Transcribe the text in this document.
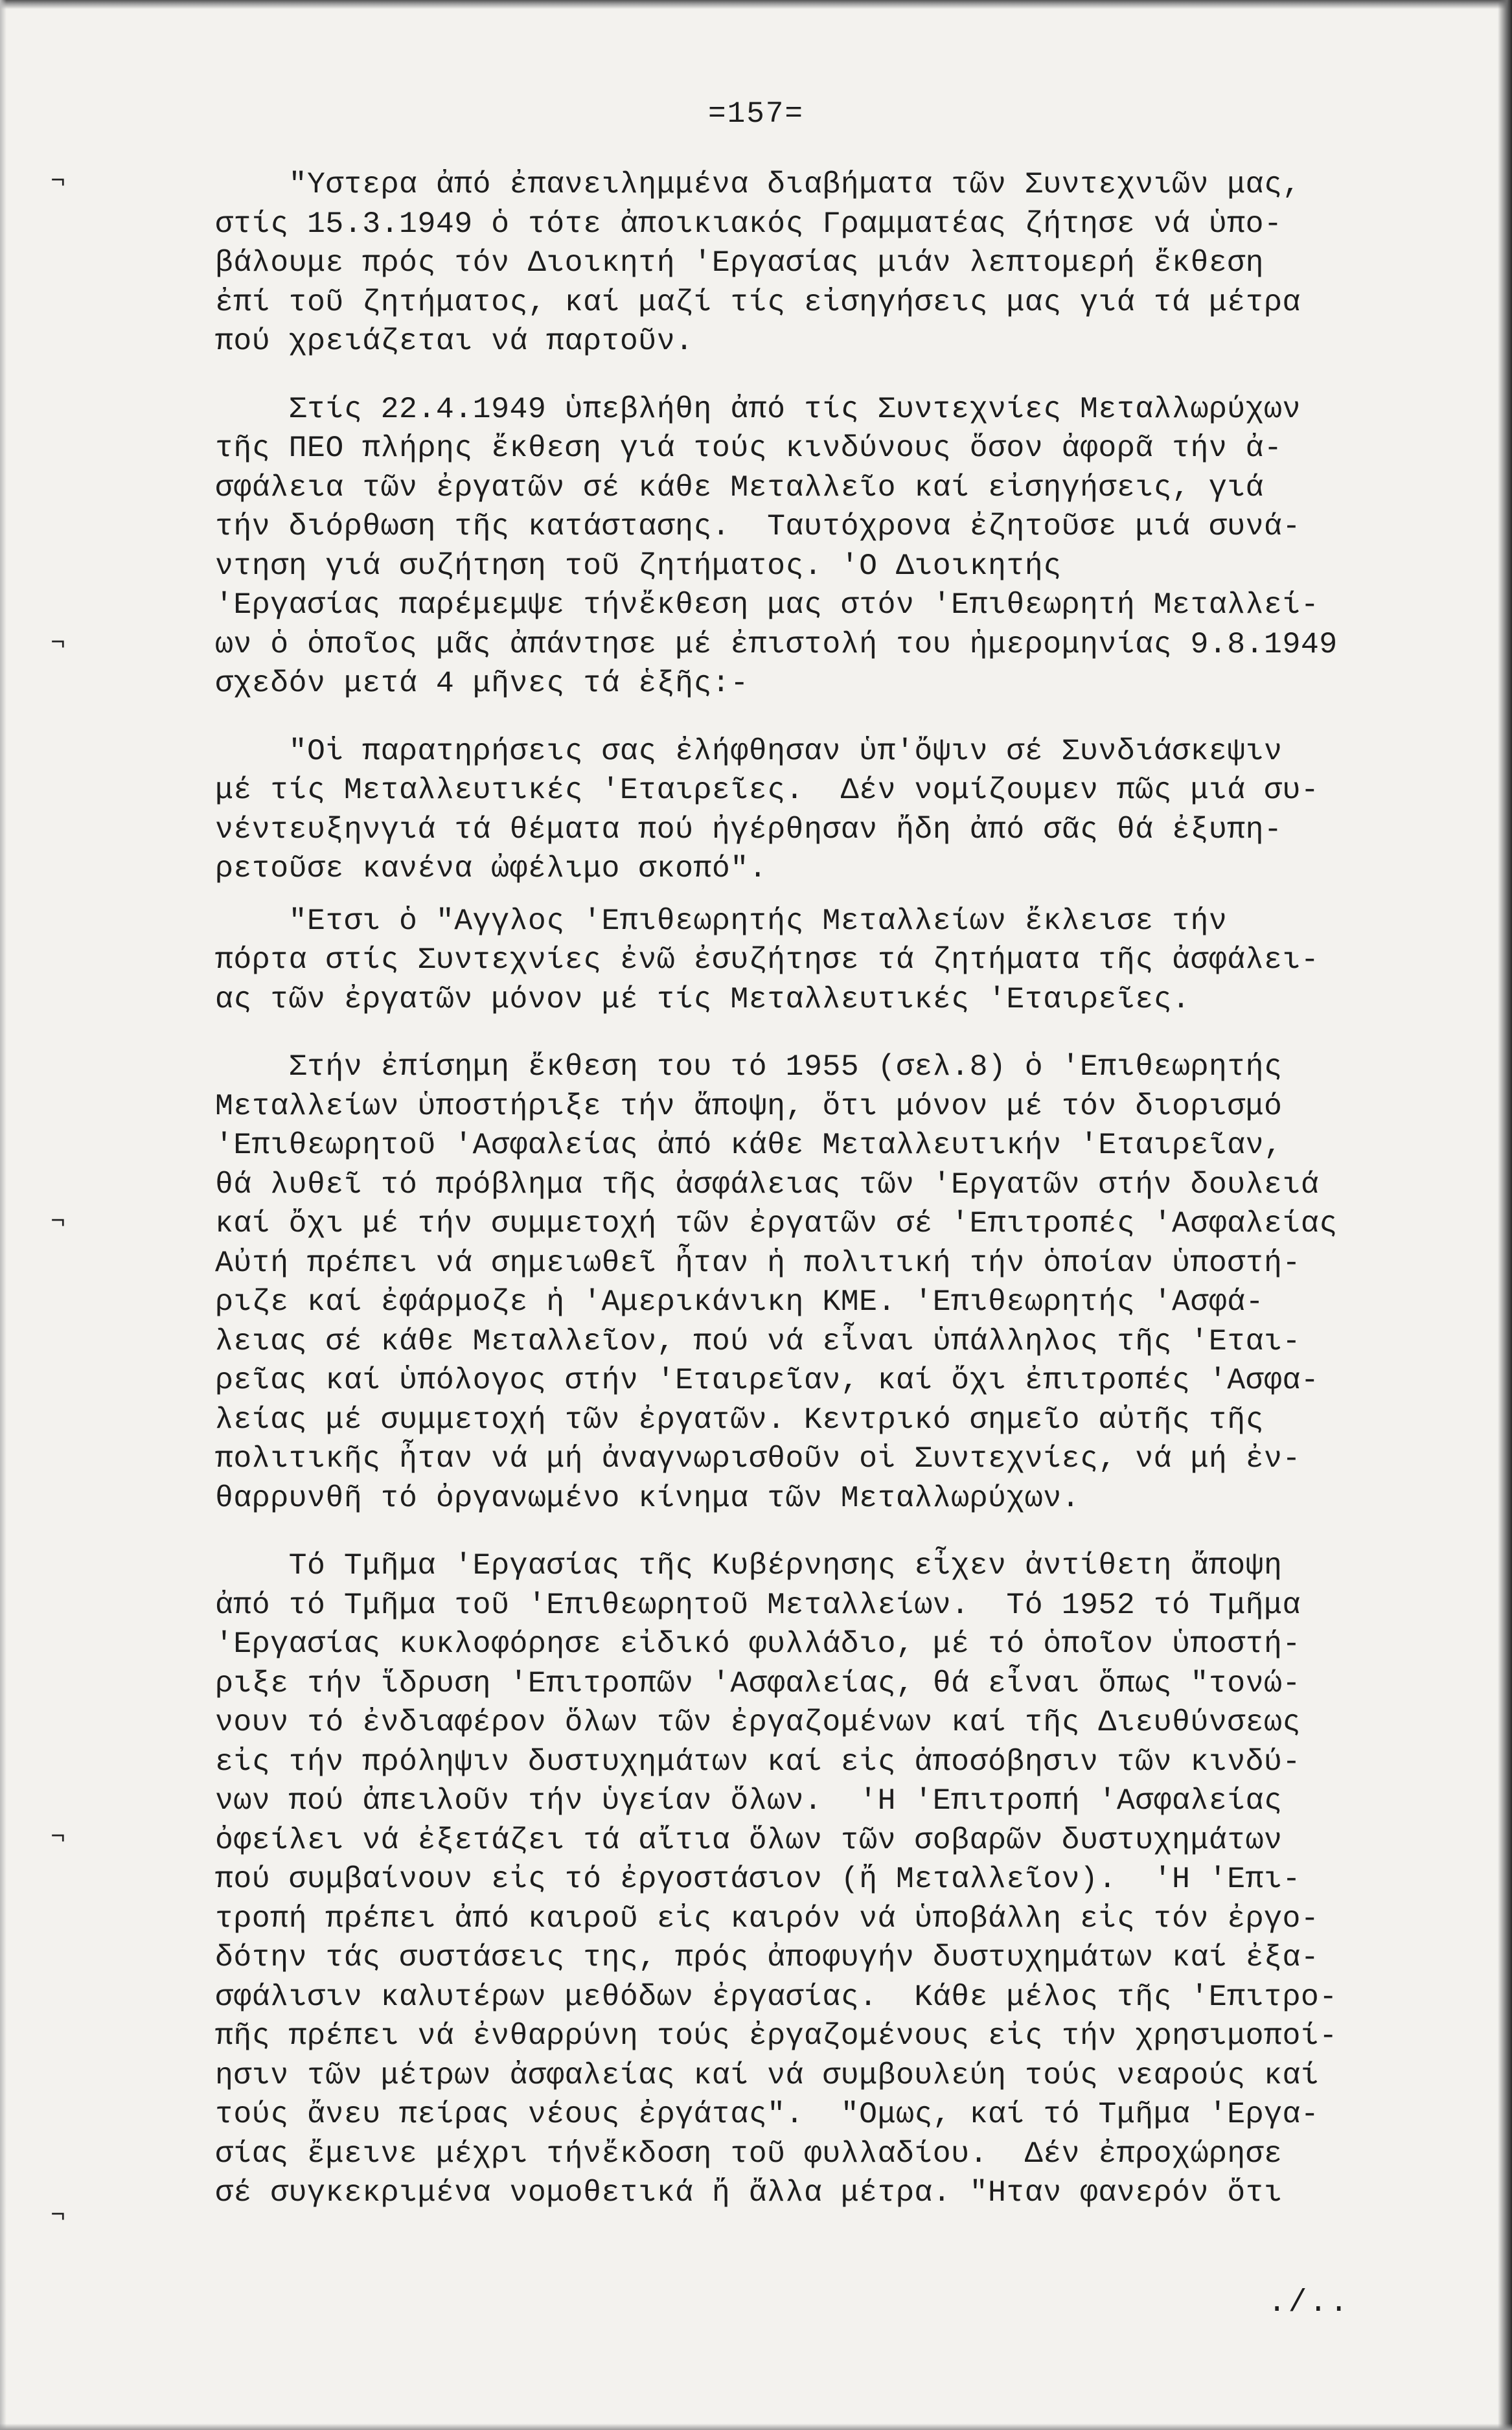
¬
¬
¬
¬
¬
=157=
"Υστερα ἀπό ἐπανειλημμένα διαβήματα τῶν Συντεχνιῶν μας,
στίς 15.3.1949 ὁ τότε ἀποικιακός Γραμματέας ζήτησε νά ὑπο-
βάλουμε πρός τόν Διοικητή 'Εργασίας μιάν λεπτομερή ἔκθεση
ἐπί τοῦ ζητήματος, καί μαζί τίς εἰσηγήσεις μας γιά τά μέτρα
πού χρειάζεται νά παρτοῦν.
Στίς 22.4.1949 ὑπεβλήθη ἀπό τίς Συντεχνίες Μεταλλωρύχων
τῆς ΠΕΟ πλήρης ἔκθεση γιά τούς κινδύνους ὅσον ἀφορᾶ τήν ἀ-
σφάλεια τῶν ἐργατῶν σέ κάθε Μεταλλεῖο καί εἰσηγήσεις, γιά
τήν διόρθωση τῆς κατάστασης.  Ταυτόχρονα ἐζητοῦσε μιά συνά-
ντηση γιά συζήτηση τοῦ ζητήματος. 'Ο Διοικητής
'Εργασίας παρέμεμψε τήνἔκθεση μας στόν 'Επιθεωρητή Μεταλλεί-
ων ὁ ὁποῖος μᾶς ἀπάντησε μέ ἐπιστολή του ἡμερομηνίας 9.8.1949
σχεδόν μετά 4 μῆνες τά ἑξῆς:-
"Οἱ παρατηρήσεις σας ἐλήφθησαν ὑπ'ὄψιν σέ Συνδιάσκεψιν
μέ τίς Μεταλλευτικές 'Εταιρεῖες.  Δέν νομίζουμεν πῶς μιά συ-
νέντευξηνγιά τά θέματα πού ἠγέρθησαν ἤδη ἀπό σᾶς θά ἐξυπη-
ρετοῦσε κανένα ὠφέλιμο σκοπό".
"Ετσι ὁ "Αγγλος 'Επιθεωρητής Μεταλλείων ἔκλεισε τήν
πόρτα στίς Συντεχνίες ἐνῶ ἐσυζήτησε τά ζητήματα τῆς ἀσφάλει-
ας τῶν ἐργατῶν μόνον μέ τίς Μεταλλευτικές 'Εταιρεῖες.
Στήν ἐπίσημη ἔκθεση του τό 1955 (σελ.8) ὁ 'Επιθεωρητής
Μεταλλείων ὑποστήριξε τήν ἄποψη, ὅτι μόνον μέ τόν διορισμό
'Επιθεωρητοῦ 'Ασφαλείας ἀπό κάθε Μεταλλευτικήν 'Εταιρεῖαν,
θά λυθεῖ τό πρόβλημα τῆς ἀσφάλειας τῶν 'Εργατῶν στήν δουλειά
καί ὄχι μέ τήν συμμετοχή τῶν ἐργατῶν σέ 'Επιτροπές 'Ασφαλείας
Αὐτή πρέπει νά σημειωθεῖ ἦταν ἡ πολιτική τήν ὁποίαν ὑποστή-
ριζε καί ἐφάρμοζε ἡ 'Αμερικάνικη ΚΜΕ. 'Επιθεωρητής 'Ασφά-
λειας σέ κάθε Μεταλλεῖον, πού νά εἶναι ὑπάλληλος τῆς 'Εται-
ρεῖας καί ὑπόλογος στήν 'Εταιρεῖαν, καί ὄχι ἐπιτροπές 'Ασφα-
λείας μέ συμμετοχή τῶν ἐργατῶν. Κεντρικό σημεῖο αὐτῆς τῆς
πολιτικῆς ἦταν νά μή ἀναγνωρισθοῦν οἱ Συντεχνίες, νά μή ἐν-
θαρρυνθῆ τό ὀργανωμένο κίνημα τῶν Μεταλλωρύχων.
Τό Τμῆμα 'Εργασίας τῆς Κυβέρνησης εἶχεν ἀντίθετη ἄποψη
ἀπό τό Τμῆμα τοῦ 'Επιθεωρητοῦ Μεταλλείων.  Τό 1952 τό Τμῆμα
'Εργασίας κυκλοφόρησε εἰδικό φυλλάδιο, μέ τό ὁποῖον ὑποστή-
ριξε τήν ἵδρυση 'Επιτροπῶν 'Ασφαλείας, θά εἶναι ὅπως "τονώ-
νουν τό ἐνδιαφέρον ὅλων τῶν ἐργαζομένων καί τῆς Διευθύνσεως
εἰς τήν πρόληψιν δυστυχημάτων καί εἰς ἀποσόβησιν τῶν κινδύ-
νων πού ἀπειλοῦν τήν ὑγείαν ὅλων.  'Η 'Επιτροπή 'Ασφαλείας
ὀφείλει νά ἐξετάζει τά αἴτια ὅλων τῶν σοβαρῶν δυστυχημάτων
πού συμβαίνουν εἰς τό ἐργοστάσιον (ἤ Μεταλλεῖον).  'Η 'Επι-
τροπή πρέπει ἀπό καιροῦ εἰς καιρόν νά ὑποβάλλη εἰς τόν ἐργο-
δότην τάς συστάσεις της, πρός ἀποφυγήν δυστυχημάτων καί ἐξα-
σφάλισιν καλυτέρων μεθόδων ἐργασίας.  Κάθε μέλος τῆς 'Επιτρο-
πῆς πρέπει νά ἐνθαρρύνη τούς ἐργαζομένους εἰς τήν χρησιμοποί-
ησιν τῶν μέτρων ἀσφαλείας καί νά συμβουλεύη τούς νεαρούς καί
τούς ἄνευ πείρας νέους ἐργάτας".  "Ομως, καί τό Τμῆμα 'Εργα-
σίας ἔμεινε μέχρι τήνἔκδοση τοῦ φυλλαδίου.  Δέν ἐπροχώρησε
σέ συγκεκριμένα νομοθετικά ἤ ἄλλα μέτρα. "Ηταν φανερόν ὅτι
./..
